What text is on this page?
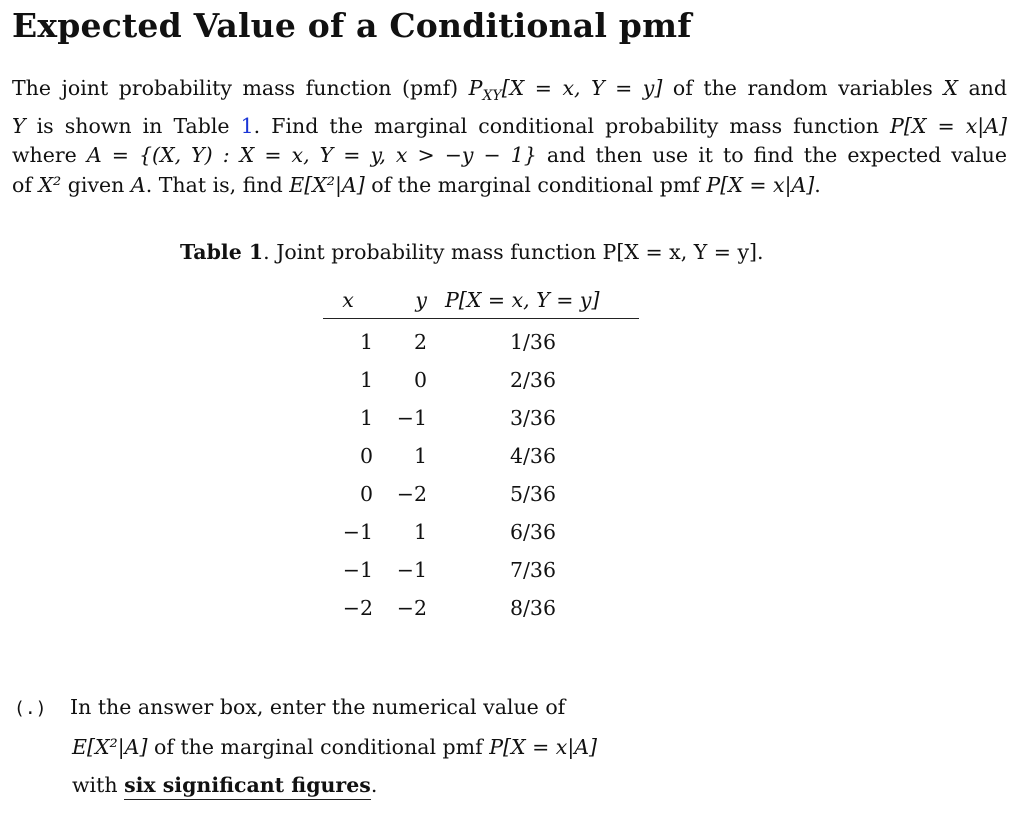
Expected Value of a Conditional pmf
The joint probability mass function (pmf) $P_{XY}[X = x$, Y = y] of the random variables X and
Y is shown in Table 1. Find the marginal conditional probability mass function P[X = x|A]
where A = {(X, Y) : X = x, Y = y, x > −y − 1} and then use it to find the expected value
of X² given A. That is, find E[X²|A] of the marginal conditional pmf P[X = x|A].
Table 1. Joint probability mass function P[X = x, Y = y].
x	y	P[X = x, Y = y]
1	2	1/36
1	0	2/36
1	−1	3/36
0	1	4/36
0	−2	5/36
−1	1	6/36
−1	−1	7/36
−2	−2	8/36
(.) In the answer box, enter the numerical value of
E[X²|A] of the marginal conditional pmf P[X = x|A]
with six significant figures.
